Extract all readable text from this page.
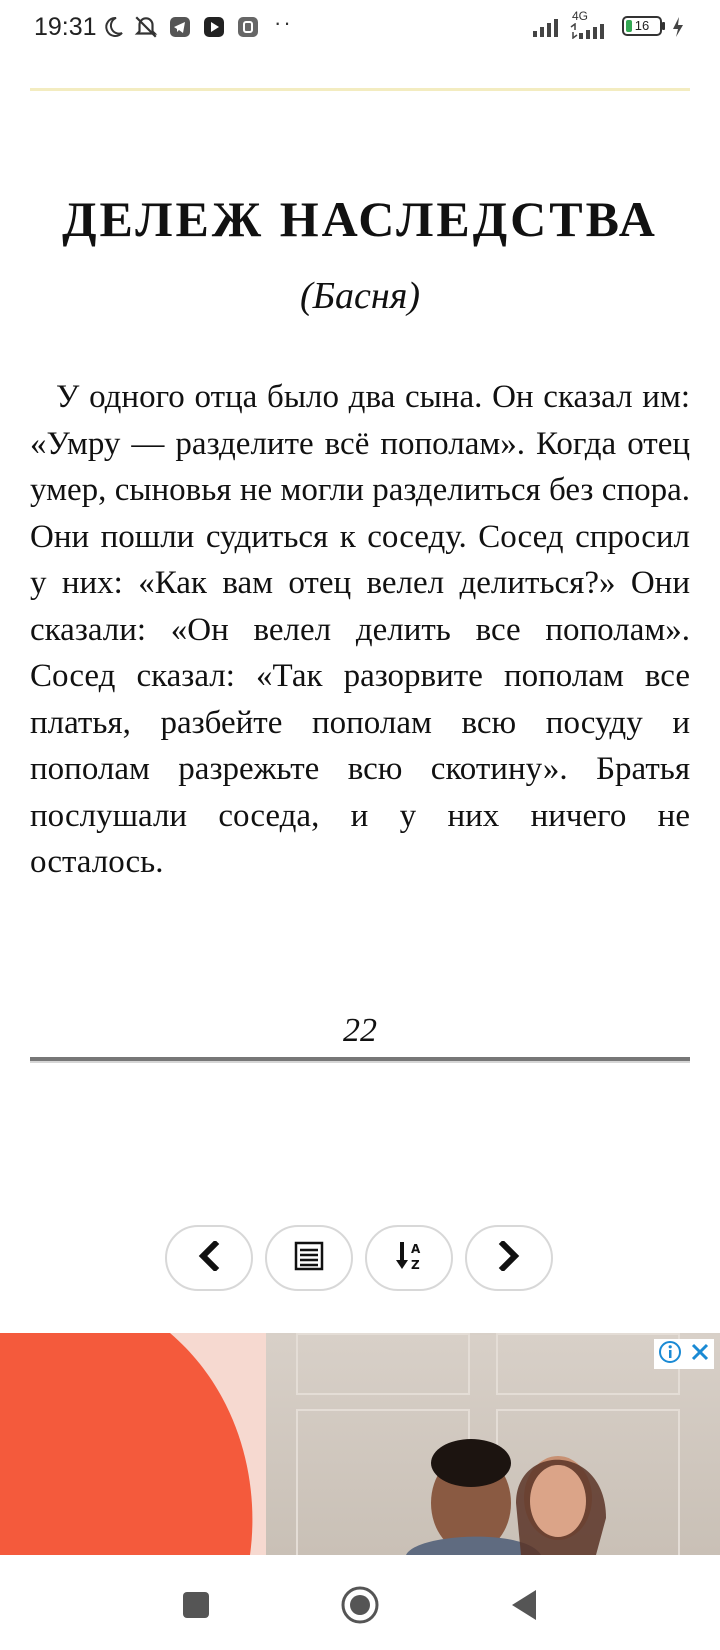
19:31	··	4G
16
ДЕЛЕЖ НАСЛЕДСТВА
(Басня)

У одного отца было два сына. Он сказал им: «Умру — разделите всё пополам». Когда отец умер, сыновья не могли разделиться без спора. Они пошли судиться к соседу. Сосед спросил у них: «Как вам отец велел делиться?» Они сказали: «Он велел делить все пополам». Сосед сказал: «Так разорвите пополам все платья, разбейте пополам всю посуду и пополам разрежьте всю скотину». Братья послушали соседа, и у них ничего не осталось.

22
A
Z
